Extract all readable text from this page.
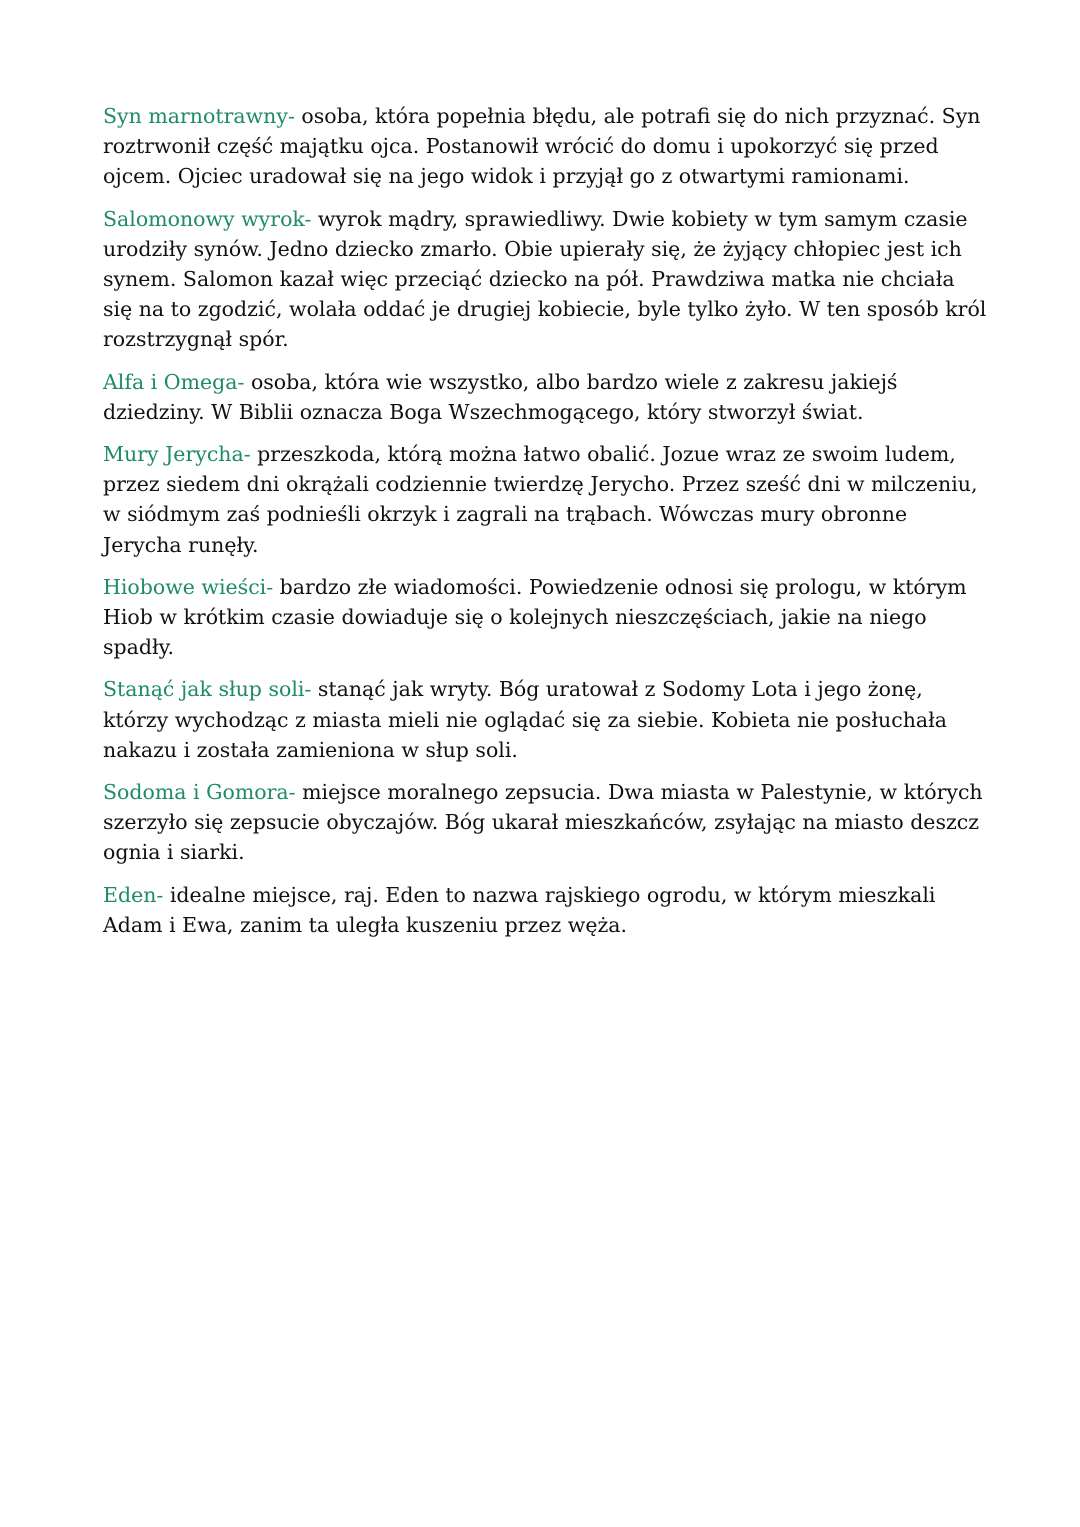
Syn marnotrawny- osoba, która popełnia błędu, ale potrafi się do nich przyznać. Syn roztrwonił część majątku ojca. Postanowił wrócić do domu i upokorzyć się przed ojcem. Ojciec uradował się na jego widok i przyjął go z otwartymi ramionami.

Salomonowy wyrok- wyrok mądry, sprawiedliwy. Dwie kobiety w tym samym czasie urodziły synów. Jedno dziecko zmarło. Obie upierały się, że żyjący chłopiec jest ich synem. Salomon kazał więc przeciąć dziecko na pół. Prawdziwa matka nie chciała się na to zgodzić, wolała oddać je drugiej kobiecie, byle tylko żyło. W ten sposób król rozstrzygnął spór.

Alfa i Omega- osoba, która wie wszystko, albo bardzo wiele z zakresu jakiejś dziedziny. W Biblii oznacza Boga Wszechmogącego, który stworzył świat.

Mury Jerycha- przeszkoda, którą można łatwo obalić. Jozue wraz ze swoim ludem, przez siedem dni okrążali codziennie twierdzę Jerycho. Przez sześć dni w milczeniu, w siódmym zaś podnieśli okrzyk i zagrali na trąbach. Wówczas mury obronne Jerycha runęły.

Hiobowe wieści- bardzo złe wiadomości. Powiedzenie odnosi się prologu, w którym Hiob w krótkim czasie dowiaduje się o kolejnych nieszczęściach, jakie na niego spadły.

Stanąć jak słup soli- stanąć jak wryty. Bóg uratował z Sodomy Lota i jego żonę, którzy wychodząc z miasta mieli nie oglądać się za siebie. Kobieta nie posłuchała nakazu i została zamieniona w słup soli.

Sodoma i Gomora- miejsce moralnego zepsucia. Dwa miasta w Palestynie, w których szerzyło się zepsucie obyczajów. Bóg ukarał mieszkańców, zsyłając na miasto deszcz ognia i siarki.

Eden- idealne miejsce, raj. Eden to nazwa rajskiego ogrodu, w którym mieszkali Adam i Ewa, zanim ta uległa kuszeniu przez węża.
